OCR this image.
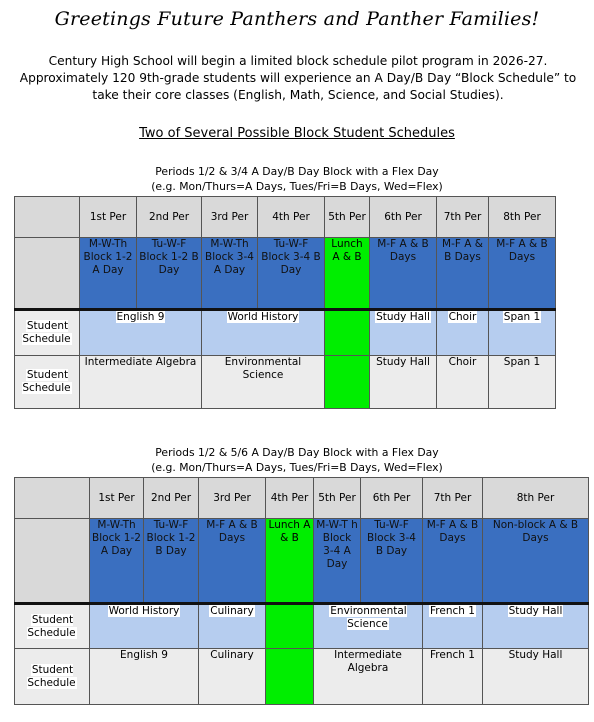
Greetings Future Panthers and Panther Families!
Century High School will begin a limited block schedule pilot program in 2026-27. Approximately 120 9th-grade students will experience an A Day/B Day “Block Schedule” to take their core classes (English, Math, Science, and Social Studies).
Two of Several Possible Block Student Schedules
Periods 1/2 & 3/4 A Day/B Day Block with a Flex Day
(e.g. Mon/Thurs=A Days, Tues/Fri=B Days, Wed=Flex)
	1st Per	2nd Per	3rd Per	4th Per	5th Per	6th Per	7th Per	8th Per
	M-W-Th Block 1-2 A Day	Tu-W-F Block 1-2 B Day	M-W-Th Block 3-4 A Day	Tu-W-F Block 3-4 B Day	Lunch A & B	M-F A & B Days	M-F A & B Days	M-F A & B Days
Student Schedule	English 9		World History			Study Hall	Choir	Span 1
Student Schedule	Intermediate Algebra		Environmental Science			Study Hall	Choir	Span 1
Periods 1/2 & 5/6 A Day/B Day Block with a Flex Day
(e.g. Mon/Thurs=A Days, Tues/Fri=B Days, Wed=Flex)
	1st Per	2nd Per	3rd Per	4th Per	5th Per	6th Per	7th Per	8th Per
	M-W-Th Block 1-2 A Day	Tu-W-F Block 1-2 B Day	M-F A & B Days	Lunch A & B	M-W-T h Block 3-4 A Day	Tu-W-F Block 3-4 B Day	M-F A & B Days	Non-block A & B Days
Student Schedule	World History		Culinary		Environmental Science		French 1	Study Hall
Student Schedule	English 9		Culinary		Intermediate Algebra		French 1	Study Hall
